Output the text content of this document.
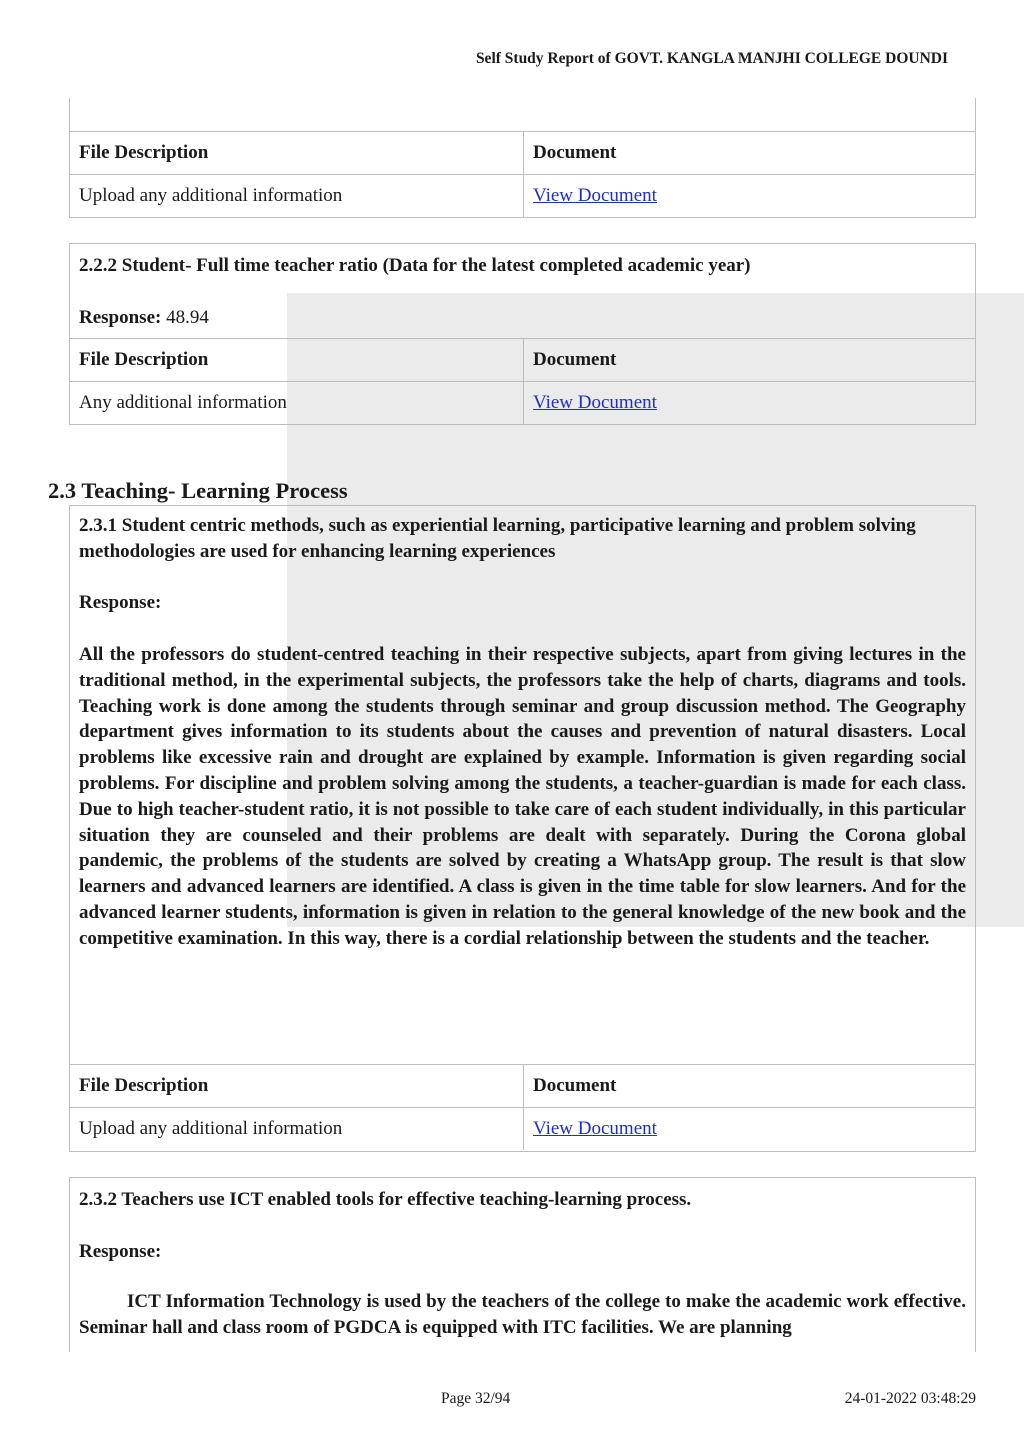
Self Study Report of GOVT. KANGLA MANJHI COLLEGE DOUNDI
File Description	Document
Upload any additional information	View Document
2.2.2 Student- Full time teacher ratio (Data for the latest completed academic year)
Response: 48.94
File Description	Document
Any additional information	View Document
2.3 Teaching- Learning Process
2.3.1 Student centric methods, such as experiential learning, participative learning and problem solving methodologies are used for enhancing learning experiences
Response:
All the professors do student-centred teaching in their respective subjects, apart from giving lectures in the traditional method, in the experimental subjects, the professors take the help of charts, diagrams and tools. Teaching work is done among the students through seminar and group discussion method. The Geography department gives information to its students about the causes and prevention of natural disasters. Local problems like excessive rain and drought are explained by example. Information is given regarding social problems. For discipline and problem solving among the students, a teacher-guardian is made for each class. Due to high teacher-student ratio, it is not possible to take care of each student individually, in this particular situation they are counseled and their problems are dealt with separately. During the Corona global pandemic, the problems of the students are solved by creating a WhatsApp group. The result is that slow learners and advanced learners are identified. A class is given in the time table for slow learners. And for the advanced learner students, information is given in relation to the general knowledge of the new book and the competitive examination. In this way, there is a cordial relationship between the students and the teacher.
File Description	Document
Upload any additional information	View Document
2.3.2 Teachers use ICT enabled tools for effective teaching-learning process.
Response:
ICT Information Technology is used by the teachers of the college to make the academic work effective. Seminar hall and class room of PGDCA is equipped with ITC facilities. We are planning
Page 32/94	24-01-2022 03:48:29
